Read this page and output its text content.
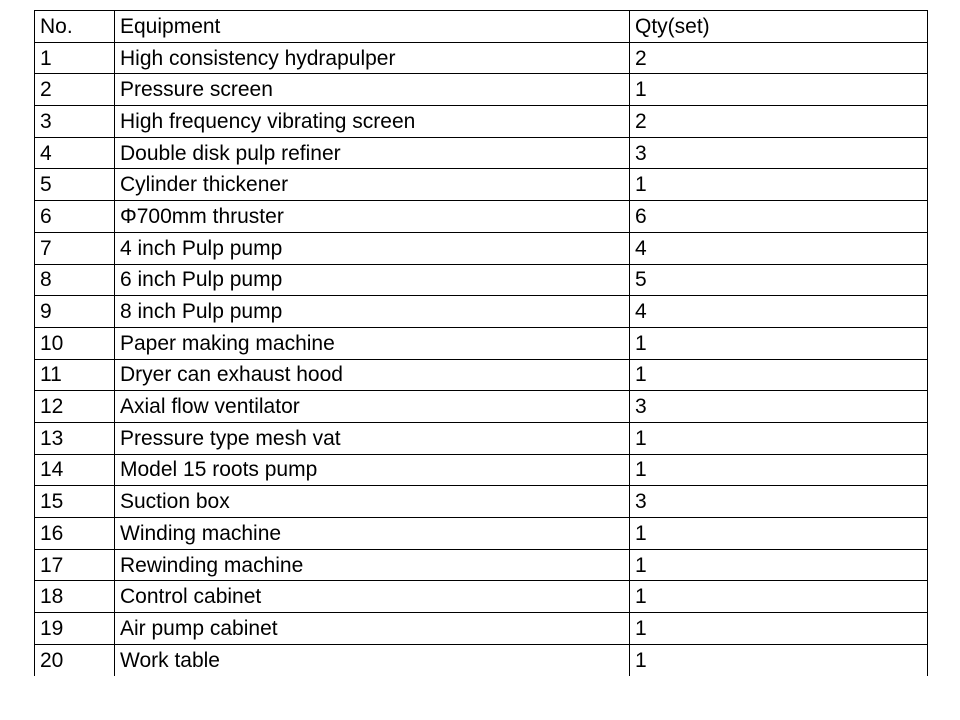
No.	Equipment	Qty(set)
1	High consistency hydrapulper	2
2	Pressure screen	1
3	High frequency vibrating screen	2
4	Double disk pulp refiner	3
5	Cylinder thickener	1
6	Φ700mm thruster	6
7	4 inch Pulp pump	4
8	6 inch Pulp pump	5
9	8 inch Pulp pump	4
10	Paper making machine	1
11	Dryer can exhaust hood	1
12	Axial flow ventilator	3
13	Pressure type mesh vat	1
14	Model 15 roots pump	1
15	Suction box	3
16	Winding machine	1
17	Rewinding machine	1
18	Control cabinet	1
19	Air pump cabinet	1
20	Work table	1
